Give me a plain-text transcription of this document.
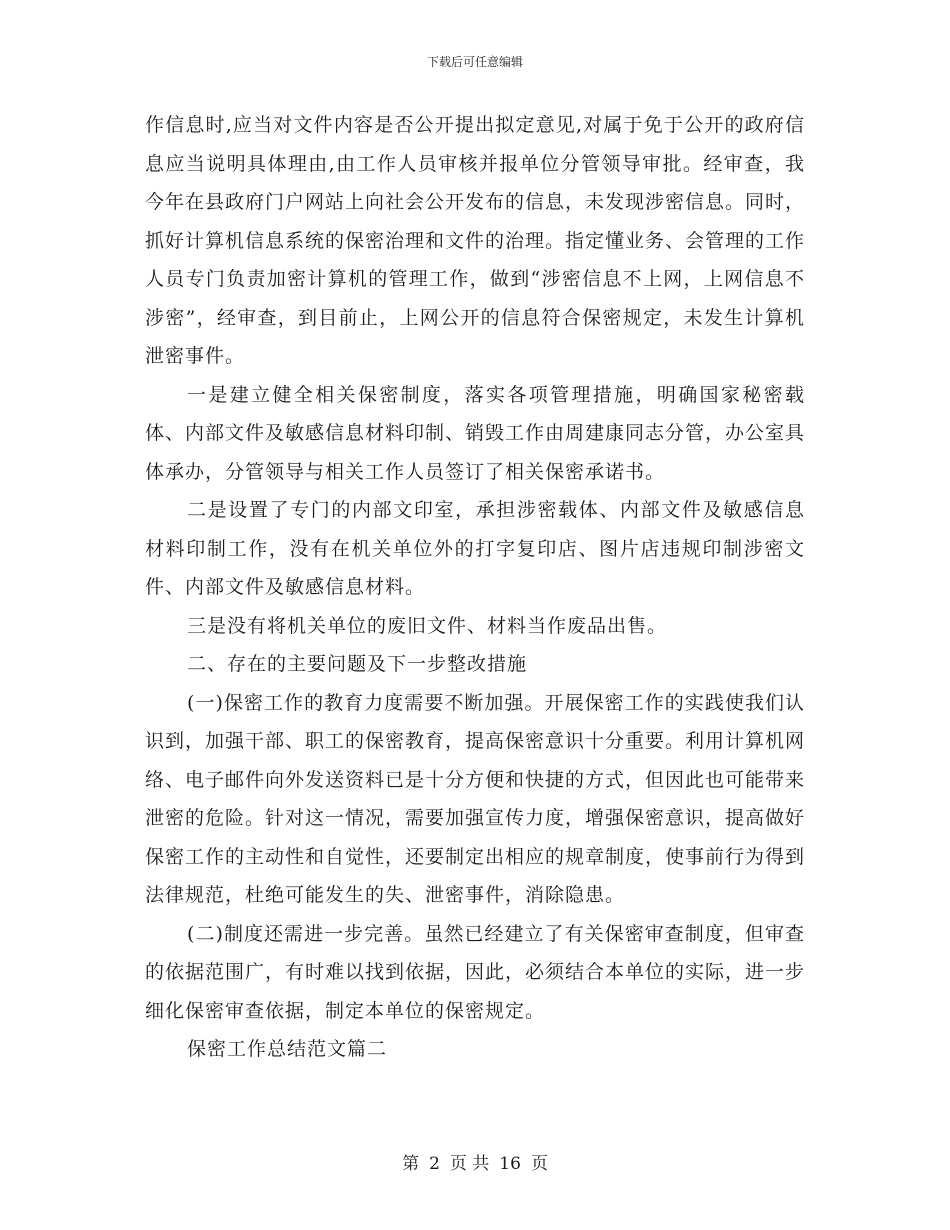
下载后可任意编辑

作信息时,应当对文件内容是否公开提出拟定意见,对属于免于公开的政府信息应当说明具体理由,由工作人员审核并报单位分管领导审批。经审查，我今年在县政府门户网站上向社会公开发布的信息，未发现涉密信息。同时，抓好计算机信息系统的保密治理和文件的治理。指定懂业务、会管理的工作人员专门负责加密计算机的管理工作，做到“涉密信息不上网，上网信息不涉密”，经审查，到目前止，上网公开的信息符合保密规定，未发生计算机泄密事件。

一是建立健全相关保密制度，落实各项管理措施，明确国家秘密载体、内部文件及敏感信息材料印制、销毁工作由周建康同志分管，办公室具体承办，分管领导与相关工作人员签订了相关保密承诺书。

二是设置了专门的内部文印室，承担涉密载体、内部文件及敏感信息材料印制工作，没有在机关单位外的打字复印店、图片店违规印制涉密文件、内部文件及敏感信息材料。

三是没有将机关单位的废旧文件、材料当作废品出售。

二、存在的主要问题及下一步整改措施

(一)保密工作的教育力度需要不断加强。开展保密工作的实践使我们认识到，加强干部、职工的保密教育，提高保密意识十分重要。利用计算机网络、电子邮件向外发送资料已是十分方便和快捷的方式，但因此也可能带来泄密的危险。针对这一情况，需要加强宣传力度，增强保密意识，提高做好保密工作的主动性和自觉性，还要制定出相应的规章制度，使事前行为得到法律规范，杜绝可能发生的失、泄密事件，消除隐患。

(二)制度还需进一步完善。虽然已经建立了有关保密审查制度，但审查的依据范围广，有时难以找到依据，因此，必须结合本单位的实际，进一步细化保密审查依据，制定本单位的保密规定。

保密工作总结范文篇二

第 2 页 共 16 页
